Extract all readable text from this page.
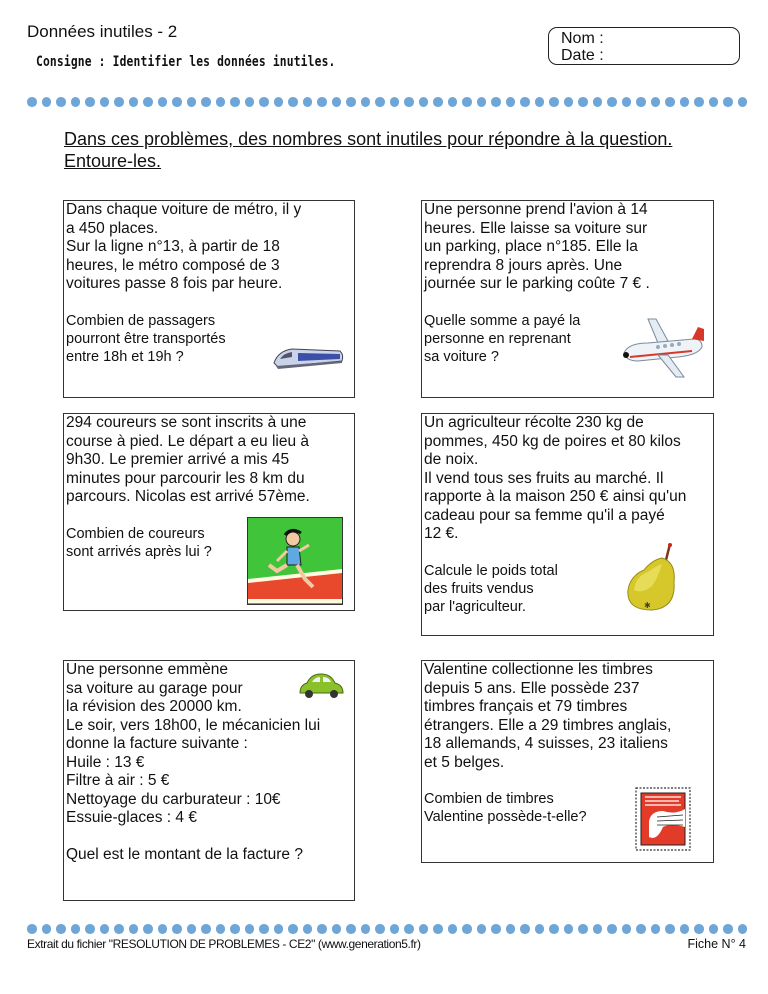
Données inutiles - 2
Consigne : Identifier les données inutiles.
Nom :
Date :
Dans ces problèmes, des nombres sont inutiles pour répondre à la question. Entoure-les.

Dans chaque voiture de métro, il y

a 450 places.

Sur la ligne n°13, à partir de 18

heures, le métro composé de 3

voitures passe 8 fois par heure.

Combien de passagers

pourront être transportés

entre 18h et 19h ?

Une personne prend l'avion à 14

heures. Elle laisse sa voiture sur

un parking, place n°185. Elle la

reprendra 8 jours après. Une

journée sur le parking coûte 7 € .

Quelle somme a payé la

personne en reprenant

sa voiture ?

294 coureurs se sont inscrits à une

course à pied. Le départ a eu lieu à

9h30. Le premier arrivé a mis 45

minutes pour parcourir les 8 km du

parcours. Nicolas est arrivé 57ème.

Combien de coureurs

sont arrivés après lui ?

Un agriculteur récolte 230 kg de

pommes, 450 kg de poires et 80 kilos

de noix.

Il vend tous ses fruits au marché. Il

rapporte à la maison 250 € ainsi qu'un

cadeau pour sa femme qu'il a payé

12 €.

Calcule le poids total

des fruits vendus

par l'agriculteur.	✱

Une personne emmène

sa voiture au garage pour

la révision des 20000 km.

Le soir, vers 18h00, le mécanicien lui

donne la facture suivante :

Huile : 13 €

Filtre à air : 5 €

Nettoyage du carburateur : 10€

Essuie-glaces : 4 €

Quel est le montant de la facture ?

Valentine collectionne les timbres

depuis 5 ans. Elle possède 237

timbres français et 79 timbres

étrangers. Elle a 29 timbres anglais,

18 allemands, 4 suisses, 23 italiens

et 5 belges.

Combien de timbres

Valentine possède-t-elle?

Extrait du fichier "RESOLUTION DE PROBLEMES - CE2" (www.generation5.fr)	Fiche N° 4
